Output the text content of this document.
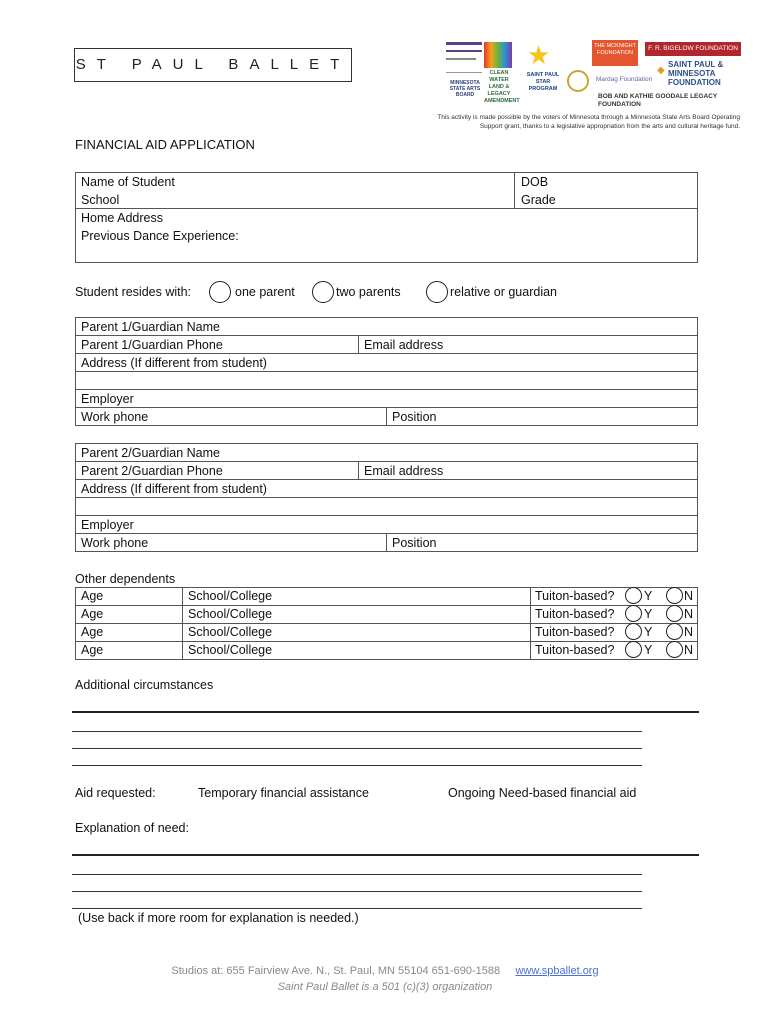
ST PAUL BALLET
MINNESOTA STATE ARTS BOARD
CLEAN WATER LAND & LEGACY AMENDMENT
★
SAINT PAUL STAR PROGRAM
THE MCKNIGHT FOUNDATION
F. R. BIGELOW FOUNDATION
Mardag Foundation
◆
SAINT PAUL & MINNESOTA FOUNDATION
BOB AND KATHIE GOODALE LEGACY FOUNDATION
This activity is made possible by the voters of Minnesota through a Minnesota State Arts Board Operating
Support grant, thanks to a legislative appropriation from the arts and cultural heritage fund.
FINANCIAL AID APPLICATION
Name of Student	DOB
School	Grade
Home Address
Previous Dance Experience:
Student resides with:	one parent	two parents	relative or guardian
Parent 1/Guardian Name
Parent 1/Guardian Phone	Email address
Address (If different from student)
Employer
Work phone	Position
Parent 2/Guardian Name
Parent 2/Guardian Phone	Email address
Address (If different from student)
Employer
Work phone	Position
Other dependents
Age	School/College	Tuiton-based? Y	N
Age	School/College	Tuiton-based? Y	N
Age	School/College	Tuiton-based? Y	N
Age	School/College	Tuiton-based? Y	N
Additional circumstances
Aid requested:	Temporary financial assistance	Ongoing Need-based financial aid
Explanation of need:
(Use back if more room for explanation is needed.)
Studios at: 655 Fairview Ave. N., St. Paul, MN 55104 651-690-1588 www.spballet.org
Saint Paul Ballet is a 501 (c)(3) organization
